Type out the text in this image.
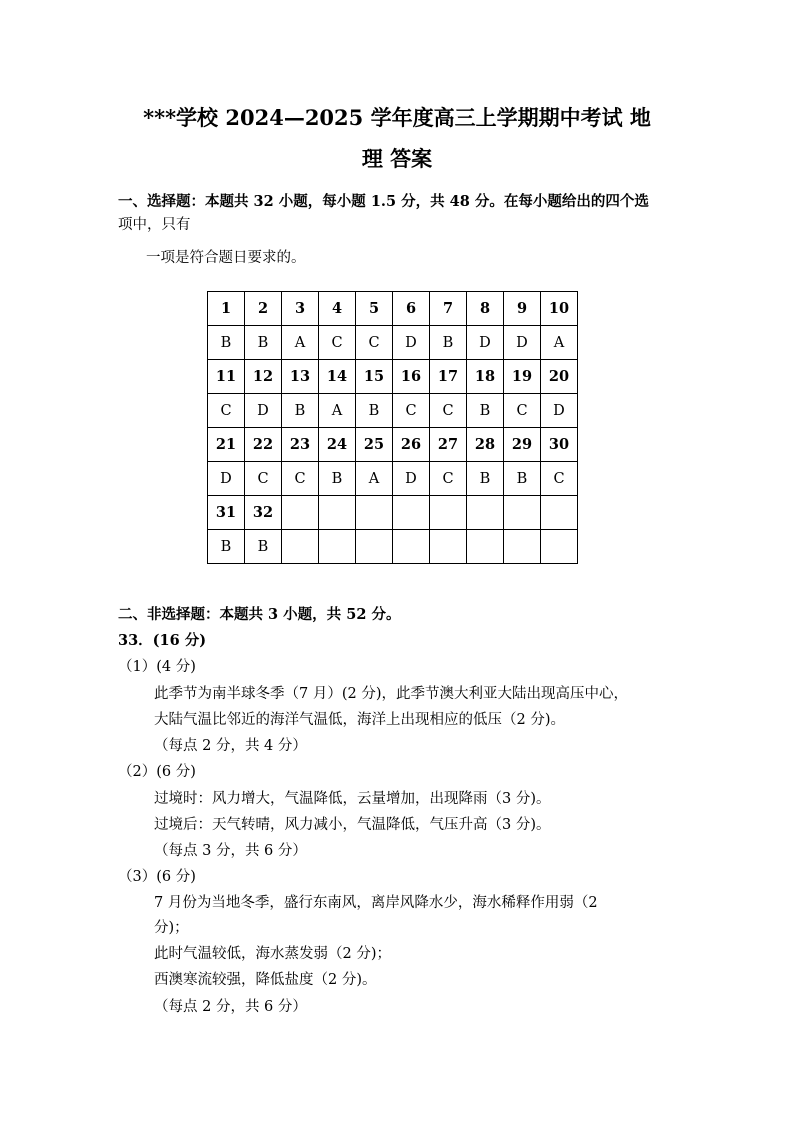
***学校 2024—2025 学年度高三上学期期中考试 地
理 答案
一、选择题：本题共 32 小题，每小题 1.5 分，共 48 分。在每小题给出的四个选
项中，只有
一项是符合题日要求的。
1	2	3	4	5	6	7	8	9	10
B	B	A	C	C	D	B	D	D	A
11	12	13	14	15	16	17	18	19	20
C	D	B	A	B	C	C	B	C	D
21	22	23	24	25	26	27	28	29	30
D	C	C	B	A	D	C	B	B	C
31	32								
B	B								
二、非选择题：本题共 3 小题，共 52 分。
33．(16 分)
（1）(4 分)
此季节为南半球冬季（7 月）(2 分)，此季节澳大利亚大陆出现高压中心，
大陆气温比邻近的海洋气温低，海洋上出现相应的低压（2 分)。
（每点 2 分，共 4 分）
（2）(6 分)
过境时：风力增大，气温降低，云量增加，出现降雨（3 分)。
过境后：天气转晴，风力减小，气温降低，气压升高（3 分)。
（每点 3 分，共 6 分）
（3）(6 分)
7 月份为当地冬季，盛行东南风，离岸风降水少，海水稀释作用弱（2
分)；
此时气温较低，海水蒸发弱（2 分)；
西澳寒流较强，降低盐度（2 分)。
（每点 2 分，共 6 分）
